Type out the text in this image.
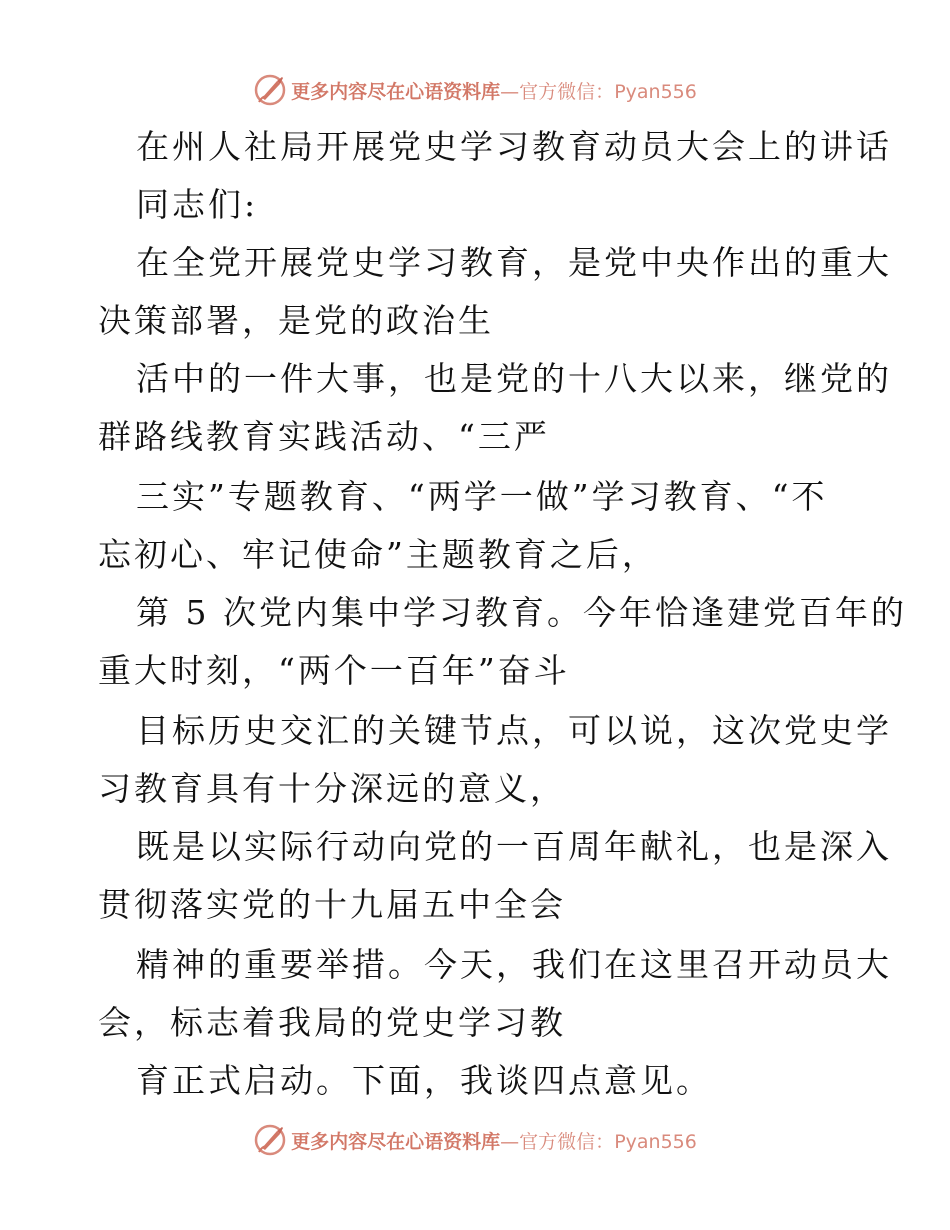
更多内容尽在心语资料库—官方微信：Pyan556
在州人社局开展党史学习教育动员大会上的讲话
同志们:
在全党开展党史学习教育，是党中央作出的重大
决策部署，是党的政治生
活中的一件大事，也是党的十八大以来，继党的
群路线教育实践活动、“三严
三实”专题教育、“两学一做”学习教育、“不
忘初心、牢记使命”主题教育之后，
第 5 次党内集中学习教育。今年恰逢建党百年的
重大时刻，“两个一百年”奋斗
目标历史交汇的关键节点，可以说，这次党史学
习教育具有十分深远的意义，
既是以实际行动向党的一百周年献礼，也是深入
贯彻落实党的十九届五中全会
精神的重要举措。今天，我们在这里召开动员大
会，标志着我局的党史学习教
育正式启动。下面，我谈四点意见。
更多内容尽在心语资料库—官方微信：Pyan556
